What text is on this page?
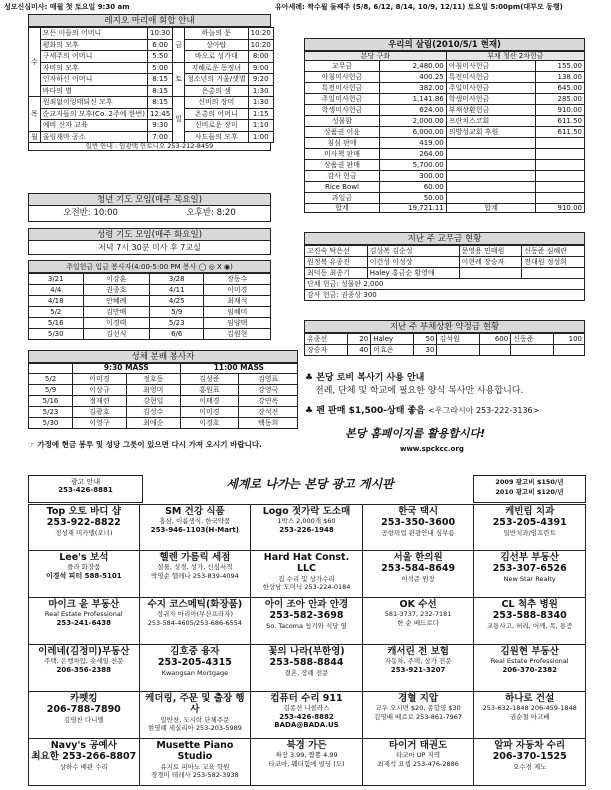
성모신심미사: 매월 첫 토요일 9:30 am	유아세례: 짝수월 둘째주 (5/8, 6/12, 8/14, 10/9, 12/11) 토요일 5:00pm(대부모 동행)
레지오 마리애 회합 안내
수	모든 이들의 어머니	10:30	금	하늘의 문	10:20
	평화의 모후	6:00		상아탑	10:20
	구세주의 어머니	5:50		바오로 성가대	8:00
	자비의 모후	5:00	토	지혜로운 동정녀	9:00
	인자하신 어머니	8:15		청소년의 거울/샛별	9:20
	바다의 별	8:15		은총의 샘	1:30
목	원죄없이잉태되신 모후	8:15	일	신비의 장미	1:30
	순교자들의 모후(Co. 2주에 한번)	12:45		온총의 어머니	1:15
	예비 신자 교육	9:30		신비로운 장미	1:10
월	울림재마 공소	7:00		사도들의 모후	1:00
일반 안내 : 임광택 안토니오 253-212-8459
청년 기도 모임(매주 목요일)
오전반: 10:00	오후반: 8:20
성령 기도 모임(매주 화요일)
저녁 7시 30분 미사 후 7교실
주일헌금 입금 봉사자(4:00-5:00 PM 봉사 ◯ ◎ X ◉)
3/21	이강훈	3/28	장동수
4/4	권종호	4/11	이미경
4/18	안혜례	4/25	최재석
5/2	김만배	5/9	임혜미
5/16	이경태	5/23	임양택
5/30	김선식	6/6	김원현
성체 분배 봉사자
	9:30 MASS		11:00 MASS	
5/2	이미경	정호동	김성준	김영표
5/9	이상규	최영미	홍원표	강영국
5/16	정재련	강현일	이태경	강연옥
5/23	김광호	김성수	이미경	장석진
5/30	이영구	최애순	이경호	백동희
우리의 살림(2010/5/1 현재)
본당 구좌		부채 청산 2차헌금	
교무금	2,480.00	아침미사헌금	155.00
아침미사헌금	400.25	특전미사헌금	138.00
특전미사헌금	382.00	주일미사헌금	645.00
주일미사헌금	1,141.86	학생미사헌금	285.00
학생미사헌금	624.00	부채상환헌금	910.00
성물함	2,000.00	프란치스코회	611.50
상품권 이윤	6,000.00	의방성교회 후원	611.50
침심 판매	419.00		
미사책 판매	264.00		
상품권 판매	5,700.00		
감사 헌금	300.00		
Rice Bowl	60.00		
과일금	50.00		
합계	19,721.11	합계	910.00
지난 주 교무금 현황
고진숙 탁은선	김상복 김순성	문영용 민태원	신동준 심혜란
원정복 유종진	이건성 이성상	이현례 장승자	전대원 정성희
최덕동 최종기	Haley 홍금순 황영애		
단체 헌금: 성물판 2,000			
감사 헌금: 권종상 300			
지난 주 부채상환 약정금 현황
유종선	20	Haley	50	김석원	600	신동준	100
장승자	40	이효은	30				
♣ 본당 로비 복사기 사용 안내
전례, 단체 및 학교에 필요한 양식 복사만 사용합니다.
♣ 펜 판매 $1,500-상태 좋음 <우그라시아 253-222-3136>
본당 홈페이지를 활용합시다!
www.spckcc.org
☞ 가정에 현금 봉투 및 성당 그릇이 있으면 다시 가져 오시기 바랍니다.
광고 안내
253-426-8881	세계로 나가는 본당 광고 게시판	2009 광고비 $150/년
2010 광고비 $120/년
Top 오토 바디 샵
253-922-8822
정성재 미카엘(오너)
SM 건강 식품
홍삼, 이름생식, 한국약품
253-946-1103(H-Mart)
Logo 젓가락 도소매
1박스 2,000개 $60
253-226-1948
한국 택시
253-350-3600
공항픽업 관광안내 심부름
케빈림 치과
253-205-4391
일반치과/임프란트
Lee's 보석
플라 화장품
이경석 피터 588-5101
헬렌 가름릭 세점
설물, 성경, 성가, 신심서적
박영순 헬레나 253-839-4094
Hard Hat Const. LLC
집 수리 및 상가수리
한상남 도미닉 253-224-0184
서울 한의원
253-584-8649
이석준 원장
김선부 부동산
253-307-6526
New Star Realty
마이크 윤 부동산
Real Estate Professional
253-241-6438
수지 코스메틱(화장품)
정귀자 마리아(부산프라자)
253-584-4605/253-686-6554
아이 조아 안과 안경
253-582-3698
So. Tacoma 청기와 식당 옆
OK 수선
581-3737, 232-7181
한 순 베드로다
CL 척추 병원
253-588-8340
교통사고, 허리, 어깨, 목, 통증
이레네(김정미)부동산
주택, 은행차압, 숏세일 전문
206-356-2388
김호중 융자
253-205-4315
Kwangsan Mortgage
꽃의 나라(부한영)
253-588-8844
결혼, 장례 전문
캐서린 전 보험
자동차, 주택, 상가 전문
253-921-3207
김원현 부동산
Real Estate Professional
206-370-2382
카펫킹
206-788-7890
김영찬 다니엘
케더링, 주문 및 출장 행사
밀반찬, 도시락 단체주문
현영례 세실리아 253-203-5989
컴퓨터 수리 911
김종선 니콜라스
253-426-8882 BADA@BADA.US
경혈 지압
교우 오시면 $20, 종합영 $30
김영배 베르로 253-861-7967
하나로 건설
253-632-1848 206-459-1848
권순철 아고배
Navy's 공예사
최요한 253-266-8807
상하수 배관 수리
Musette Piano Studio
유지토 피아노 교육 학원
경경미 테레사 253-582-3938
북경 가든
짜장 3.99, 짬뽕 4.99
타코마, 웨더힘에 빌딩 (도)
타이거 태권도
타코마 UP 지역
최재석 요셉 253-476-2886
알파 자동차 수리
206-370-1525
오수경 제노
